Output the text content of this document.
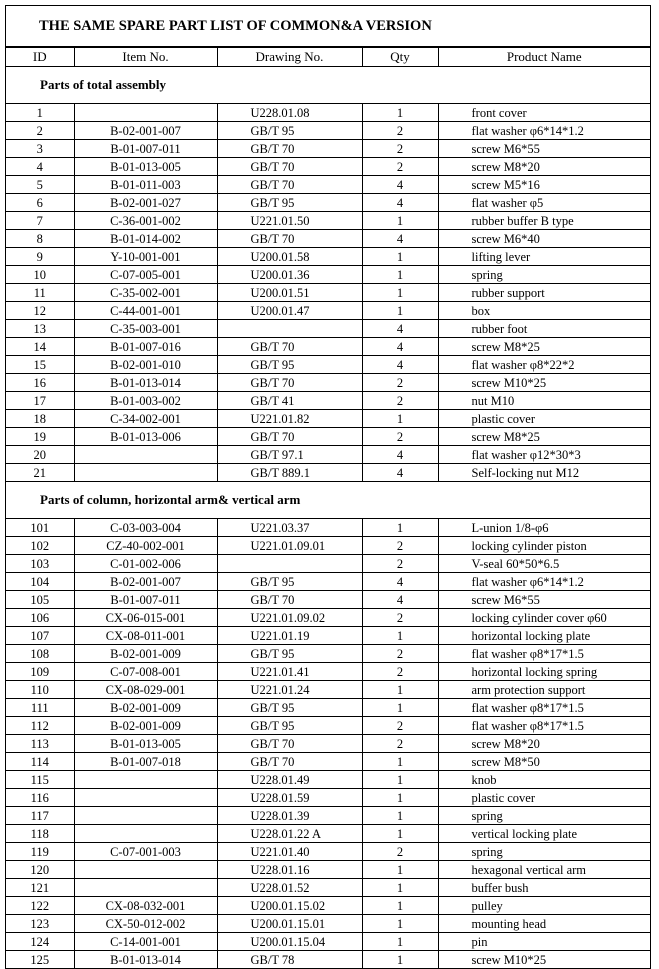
THE SAME SPARE PART LIST OF COMMON&A VERSION
ID	Item No.	Drawing No.	Qty	Product Name
Parts of total assembly				
1		U228.01.08	1	front cover
2	B-02-001-007	GB/T 95	2	flat washer φ6*14*1.2
3	B-01-007-011	GB/T 70	2	screw M6*55
4	B-01-013-005	GB/T 70	2	screw M8*20
5	B-01-011-003	GB/T 70	4	screw M5*16
6	B-02-001-027	GB/T 95	4	flat washer φ5
7	C-36-001-002	U221.01.50	1	rubber buffer B type
8	B-01-014-002	GB/T 70	4	screw M6*40
9	Y-10-001-001	U200.01.58	1	lifting lever
10	C-07-005-001	U200.01.36	1	spring
11	C-35-002-001	U200.01.51	1	rubber support
12	C-44-001-001	U200.01.47	1	box
13	C-35-003-001		4	rubber foot
14	B-01-007-016	GB/T 70	4	screw M8*25
15	B-02-001-010	GB/T 95	4	flat washer φ8*22*2
16	B-01-013-014	GB/T 70	2	screw M10*25
17	B-01-003-002	GB/T 41	2	nut M10
18	C-34-002-001	U221.01.82	1	plastic cover
19	B-01-013-006	GB/T 70	2	screw M8*25
20		GB/T 97.1	4	flat washer φ12*30*3
21		GB/T 889.1	4	Self-locking nut M12
Parts of column, horizontal arm& vertical arm				
101	C-03-003-004	U221.03.37	1	L-union 1/8-φ6
102	CZ-40-002-001	U221.01.09.01	2	locking cylinder piston
103	C-01-002-006		2	V-seal 60*50*6.5
104	B-02-001-007	GB/T 95	4	flat washer φ6*14*1.2
105	B-01-007-011	GB/T 70	4	screw M6*55
106	CX-06-015-001	U221.01.09.02	2	locking cylinder cover φ60
107	CX-08-011-001	U221.01.19	1	horizontal locking plate
108	B-02-001-009	GB/T 95	2	flat washer φ8*17*1.5
109	C-07-008-001	U221.01.41	2	horizontal locking spring
110	CX-08-029-001	U221.01.24	1	arm protection support
111	B-02-001-009	GB/T 95	1	flat washer φ8*17*1.5
112	B-02-001-009	GB/T 95	2	flat washer φ8*17*1.5
113	B-01-013-005	GB/T 70	2	screw M8*20
114	B-01-007-018	GB/T 70	1	screw M8*50
115		U228.01.49	1	knob
116		U228.01.59	1	plastic cover
117		U228.01.39	1	spring
118		U228.01.22 A	1	vertical locking plate
119	C-07-001-003	U221.01.40	2	spring
120		U228.01.16	1	hexagonal vertical arm
121		U228.01.52	1	buffer bush
122	CX-08-032-001	U200.01.15.02	1	pulley
123	CX-50-012-002	U200.01.15.01	1	mounting head
124	C-14-001-001	U200.01.15.04	1	pin
125	B-01-013-014	GB/T 78	1	screw M10*25
